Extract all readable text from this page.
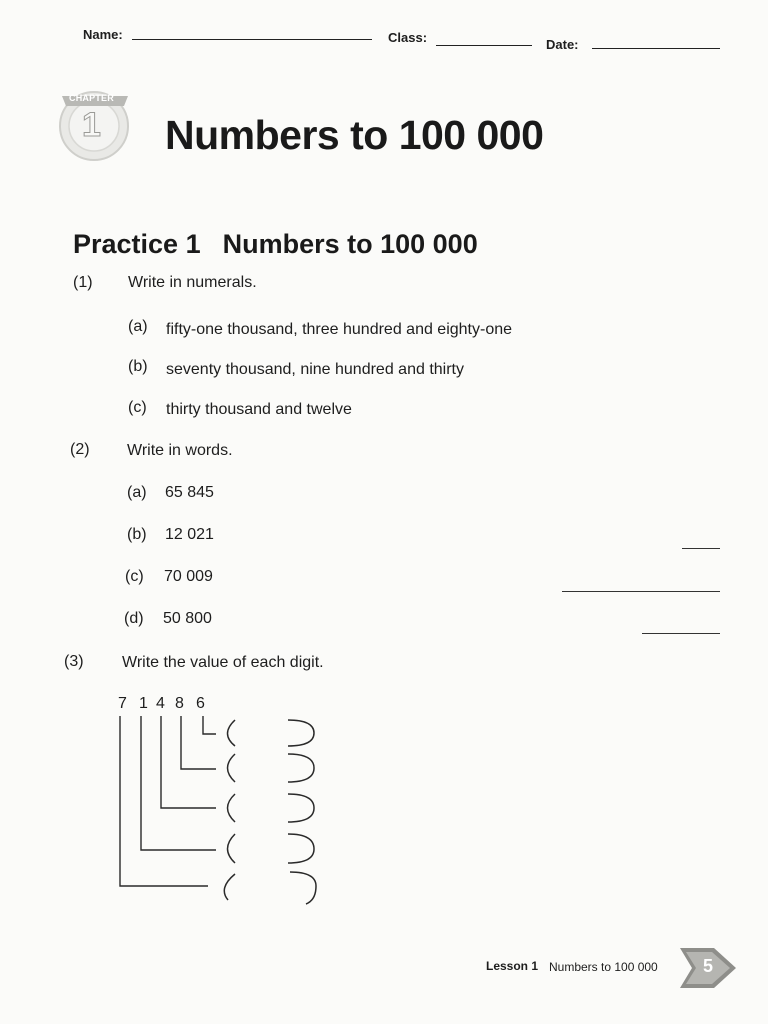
Name:	Class:	Date:
CHAPTER
1 Numbers to 100 000
Practice 1 Numbers to 100 000
(1) Write in numerals.
(a) fifty-one thousand, three hundred and eighty-one
(b) seventy thousand, nine hundred and thirty
(c) thirty thousand and twelve
(2) Write in words.
(a) 65 845
(b) 12 021
(c) 70 009
(d) 50 800
(3) Write the value of each digit.
7 1 4 8 6
Lesson 1 Numbers to 100 000	5
